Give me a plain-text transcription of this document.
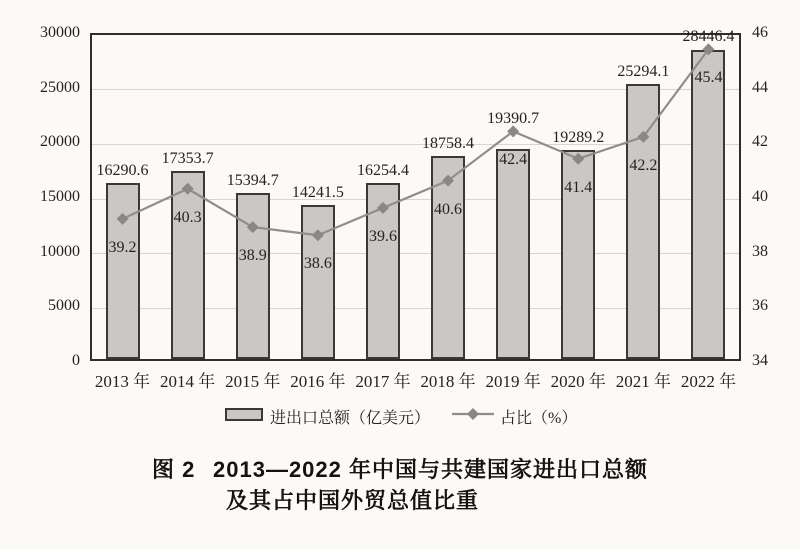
0	34
5000	36
10000	38
15000	40
20000	42
25000	44
30000	46
16290.6
39.2
2013 年
17353.7
40.3
2014 年
15394.7
38.9
2015 年
14241.5
38.6
2016 年
16254.4
39.6
2017 年
18758.4
40.6
2018 年
19390.7
42.4
2019 年
19289.2
41.4
2020 年
25294.1
42.2
2021 年
28446.4
45.4
2022 年
进出口总额（亿美元）	占比（%）
图 2 2013—2022 年中国与共建国家进出口总额
及其占中国外贸总值比重
